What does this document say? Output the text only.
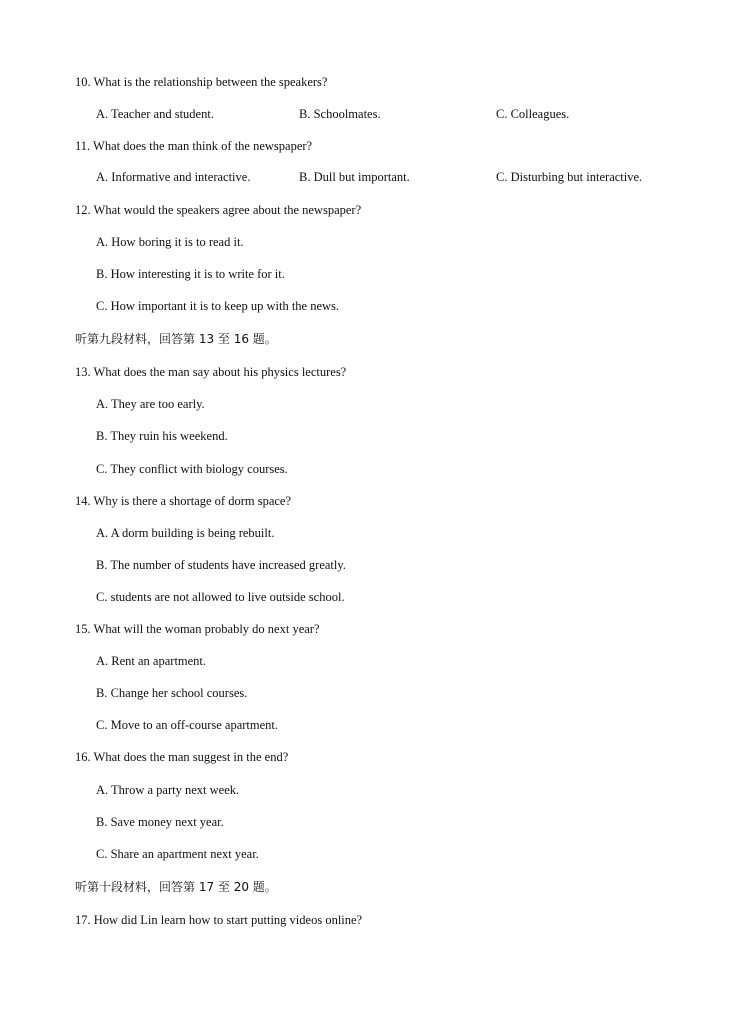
10. What is the relationship between the speakers?
A. Teacher and student.	B. Schoolmates.	C. Colleagues.
11. What does the man think of the newspaper?
A. Informative and interactive.	B. Dull but important.	C. Disturbing but interactive.
12. What would the speakers agree about the newspaper?
A. How boring it is to read it.
B. How interesting it is to write for it.
C. How important it is to keep up with the news.
听第九段材料，回答第 13 至 16 题。
13. What does the man say about his physics lectures?
A. They are too early.
B. They ruin his weekend.
C. They conflict with biology courses.
14. Why is there a shortage of dorm space?
A. A dorm building is being rebuilt.
B. The number of students have increased greatly.
C. students are not allowed to live outside school.
15. What will the woman probably do next year?
A. Rent an apartment.
B. Change her school courses.
C. Move to an off-course apartment.
16. What does the man suggest in the end?
A. Throw a party next week.
B. Save money next year.
C. Share an apartment next year.
听第十段材料，回答第 17 至 20 题。
17. How did Lin learn how to start putting videos online?
